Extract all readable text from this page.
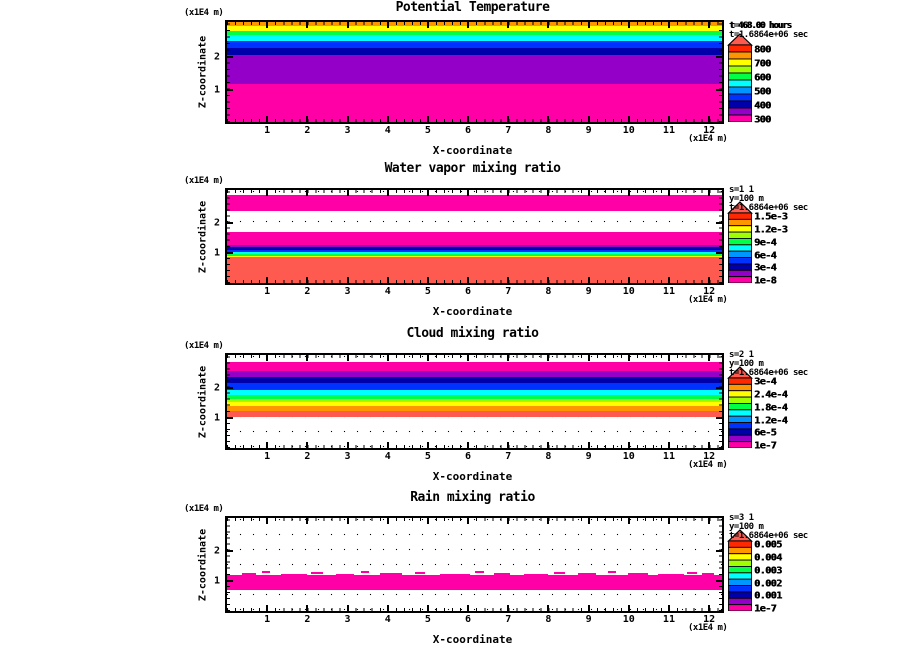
Potential Temperature
(x1E4 m)
Z-coordinate
(x1E4 m)
X-coordinate
t=468.00 hours
t=1.6864e+06 sec
1	2	3	4	5	6	7	8	9	10	11	12
1
2
800
700
600
500
400
300
Water vapor mixing ratio
(x1E4 m)
Z-coordinate
(x1E4 m)
X-coordinate
s=1 1
y=100 m
t=1.6864e+06 sec
1	2	3	4	5	6	7	8	9	10	11	12
1
2	1.5e-3
1.2e-3
9e-4
6e-4
3e-4
1e-8
Cloud mixing ratio
(x1E4 m)
Z-coordinate
(x1E4 m)
X-coordinate
s=2 1
y=100 m
t=1.6864e+06 sec
1	2	3	4	5	6	7	8	9	10	11	12
1
2	3e-4
2.4e-4
1.8e-4
1.2e-4
6e-5
1e-7
Rain mixing ratio
(x1E4 m)
Z-coordinate
(x1E4 m)
X-coordinate
s=3 1
y=100 m
t=1.6864e+06 sec
1	2	3	4	5	6	7	8	9	10	11	12
1
2	0.005
0.004
0.003
0.002
0.001
1e-7
